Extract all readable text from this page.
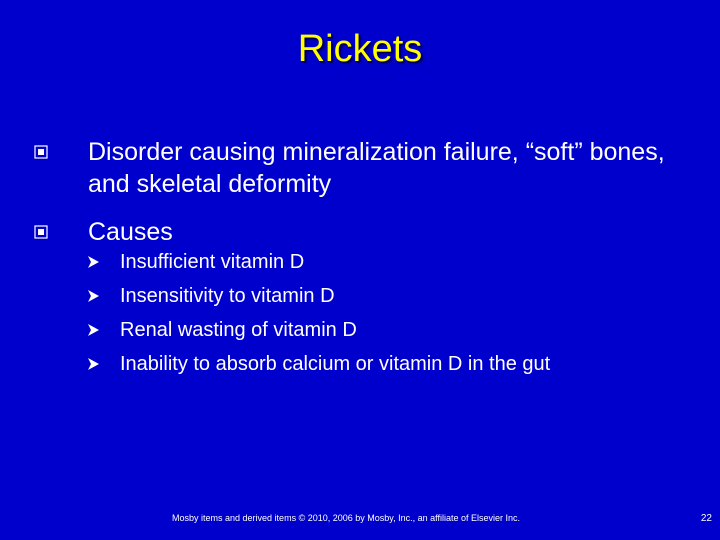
Rickets
Disorder causing mineralization failure, “soft” bones, and skeletal deformity
Causes
Insufficient vitamin D
Insensitivity to vitamin D
Renal wasting of vitamin D
Inability to absorb calcium or vitamin D in the gut
Mosby items and derived items © 2010, 2006 by Mosby, Inc., an affiliate of Elsevier Inc.	22
